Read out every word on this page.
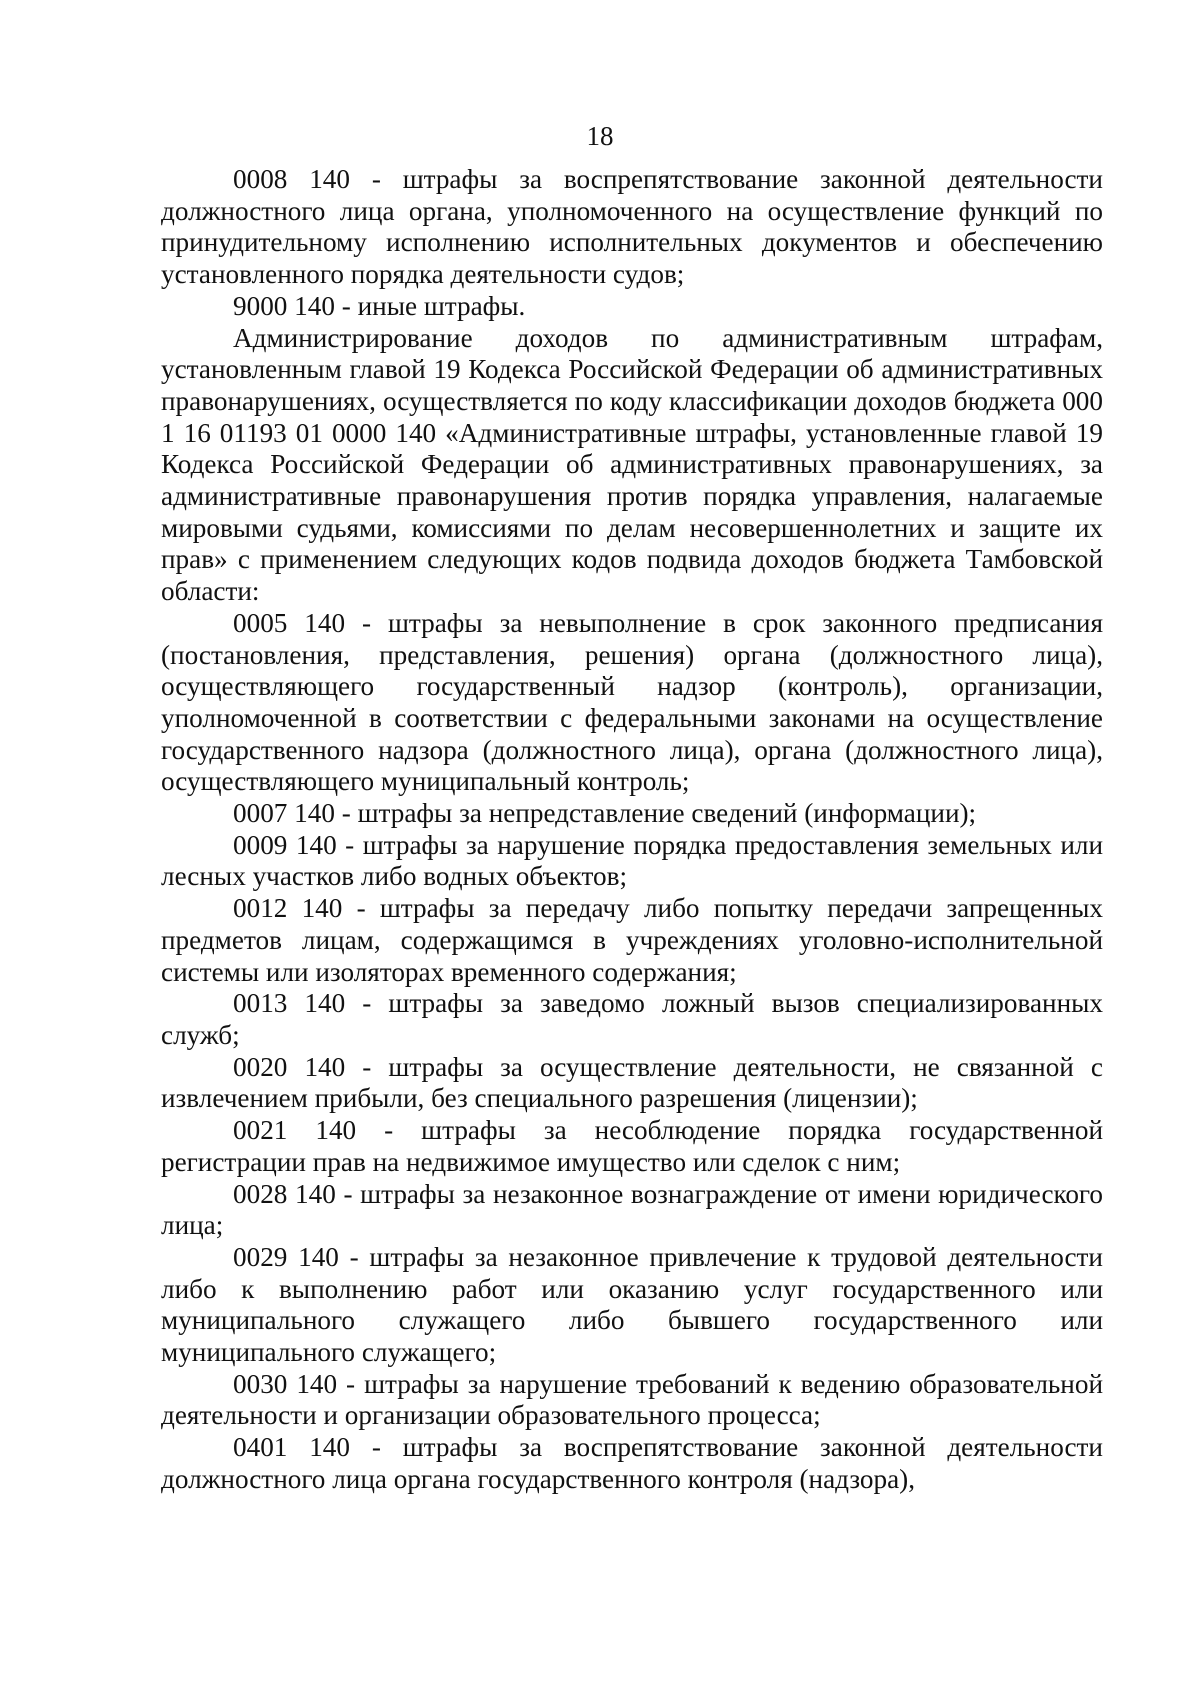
18

0008 140 - штрафы за воспрепятствование законной деятельности должностного лица органа, уполномоченного на осуществление функций по принудительному исполнению исполнительных документов и обеспечению установленного порядка деятельности судов;

9000 140 - иные штрафы.

Администрирование доходов по административным штрафам, установленным главой 19 Кодекса Российской Федерации об административных правонарушениях, осуществляется по коду классификации доходов бюджета 000 1 16 01193 01 0000 140 «Административные штрафы, установленные главой 19 Кодекса Российской Федерации об административных правонарушениях, за административные правонарушения против порядка управления, налагаемые мировыми судьями, комиссиями по делам несовершеннолетних и защите их прав» с применением следующих кодов подвида доходов бюджета Тамбовской области:

0005 140 - штрафы за невыполнение в срок законного предписания (постановления, представления, решения) органа (должностного лица), осуществляющего государственный надзор (контроль), организации, уполномоченной в соответствии с федеральными законами на осуществление государственного надзора (должностного лица), органа (должностного лица), осуществляющего муниципальный контроль;

0007 140 - штрафы за непредставление сведений (информации);

0009 140 - штрафы за нарушение порядка предоставления земельных или лесных участков либо водных объектов;

0012 140 - штрафы за передачу либо попытку передачи запрещенных предметов лицам, содержащимся в учреждениях уголовно-исполнительной системы или изоляторах временного содержания;

0013 140 - штрафы за заведомо ложный вызов специализированных служб;

0020 140 - штрафы за осуществление деятельности, не связанной с извлечением прибыли, без специального разрешения (лицензии);

0021 140 - штрафы за несоблюдение порядка государственной регистрации прав на недвижимое имущество или сделок с ним;

0028 140 - штрафы за незаконное вознаграждение от имени юридического лица;

0029 140 - штрафы за незаконное привлечение к трудовой деятельности либо к выполнению работ или оказанию услуг государственного или муниципального служащего либо бывшего государственного или муниципального служащего;

0030 140 - штрафы за нарушение требований к ведению образовательной деятельности и организации образовательного процесса;

0401 140 - штрафы за воспрепятствование законной деятельности должностного лица органа государственного контроля (надзора),
